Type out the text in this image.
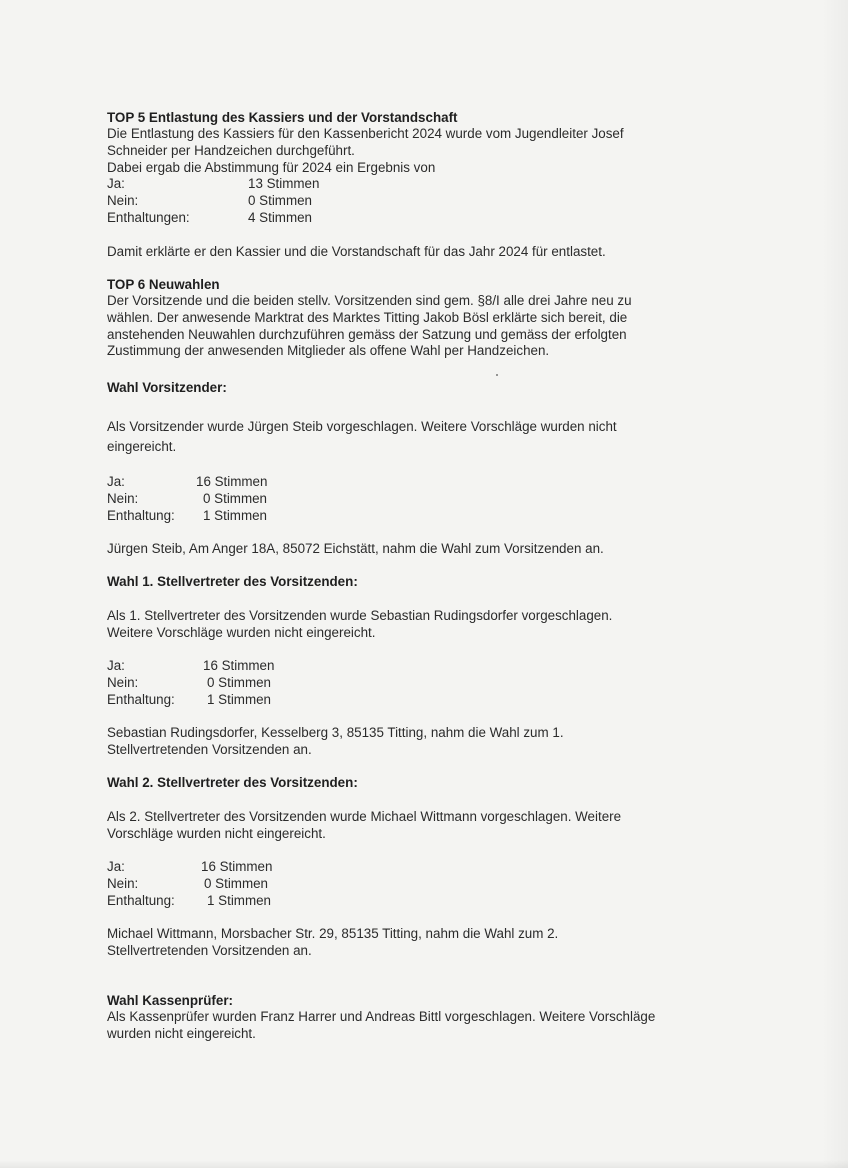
TOP 5 Entlastung des Kassiers und der Vorstandschaft

Die Entlastung des Kassiers für den Kassenbericht 2024 wurde vom Jugendleiter Josef
Schneider per Handzeichen durchgeführt.
Dabei ergab die Abstimmung für 2024 ein Ergebnis von
Ja:	13 Stimmen
Nein:	0 Stimmen
Enthaltungen:	4 Stimmen

Damit erklärte er den Kassier und die Vorstandschaft für das Jahr 2024 für entlastet.

TOP 6 Neuwahlen

Der Vorsitzende und die beiden stellv. Vorsitzenden sind gem. §8/I alle drei Jahre neu zu
wählen. Der anwesende Marktrat des Marktes Titting Jakob Bösl erklärte sich bereit, die
anstehenden Neuwahlen durchzuführen gemäss der Satzung und gemäss der erfolgten
Zustimmung der anwesenden Mitglieder als offene Wahl per Handzeichen.

Wahl Vorsitzender:

Als Vorsitzender wurde Jürgen Steib vorgeschlagen. Weitere Vorschläge wurden nicht
eingereicht.
Ja:	16 Stimmen
Nein:	0 Stimmen
Enthaltung: 1 Stimmen
Jürgen Steib, Am Anger 18A, 85072 Eichstätt, nahm die Wahl zum Vorsitzenden an.

Wahl 1. Stellvertreter des Vorsitzenden:

Als 1. Stellvertreter des Vorsitzenden wurde Sebastian Rudingsdorfer vorgeschlagen.
Weitere Vorschläge wurden nicht eingereicht.
Ja:	16 Stimmen
Nein:	0 Stimmen
Enthaltung: 1 Stimmen
Sebastian Rudingsdorfer, Kesselberg 3, 85135 Titting, nahm die Wahl zum 1.
Stellvertretenden Vorsitzenden an.

Wahl 2. Stellvertreter des Vorsitzenden:

Als 2. Stellvertreter des Vorsitzenden wurde Michael Wittmann vorgeschlagen. Weitere
Vorschläge wurden nicht eingereicht.
Ja:	16 Stimmen
Nein:	0 Stimmen
Enthaltung: 1 Stimmen
Michael Wittmann, Morsbacher Str. 29, 85135 Titting, nahm die Wahl zum 2.
Stellvertretenden Vorsitzenden an.

Wahl Kassenprüfer:

Als Kassenprüfer wurden Franz Harrer und Andreas Bittl vorgeschlagen. Weitere Vorschläge
wurden nicht eingereicht.
